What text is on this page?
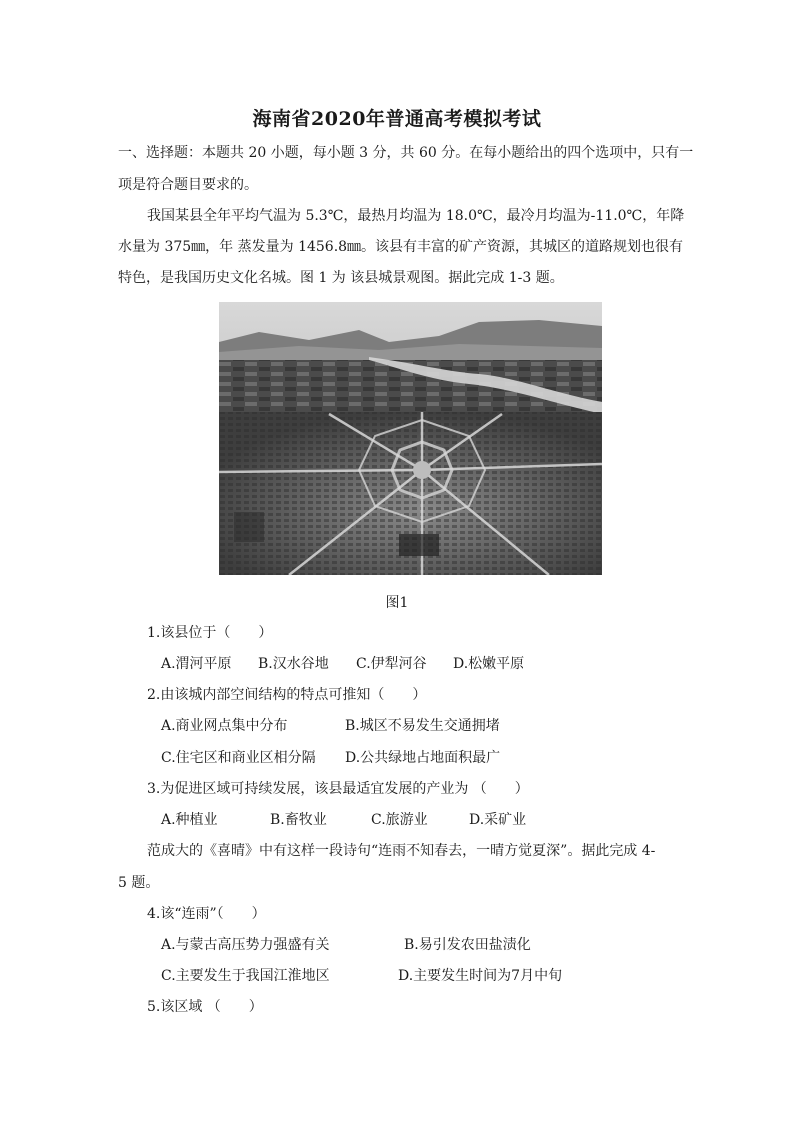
海南省2020年普通高考模拟考试
一、选择题：本题共 20 小题，每小题 3 分，共 60 分。在每小题给出的四个选项中，只有一
项是符合题目要求的。
我国某县全年平均气温为 5.3℃，最热月均温为 18.0℃，最冷月均温为-11.0℃，年降
水量为 375㎜，年 蒸发量为 1456.8㎜。该县有丰富的矿产资源，其城区的道路规划也很有
特色，是我国历史文化名城。图 1 为 该县城景观图。据此完成 1-3 题。
图1
1.该县位于（　　）
A.渭河平原 B.汉水谷地 C.伊犁河谷 D.松嫩平原
2.由该城内部空间结构的特点可推知（　　）
A.商业网点集中分布	B.城区不易发生交通拥堵
C.住宅区和商业区相分隔 D.公共绿地占地面积最广
3.为促进区域可持续发展，该县最适宜发展的产业为 （　　）
A.种植业	B.畜牧业	C.旅游业	D.采矿业
范成大的《喜晴》中有这样一段诗句“连雨不知春去，一晴方觉夏深”。据此完成 4-
5 题。
4.该“连雨”（　　）
A.与蒙古高压势力强盛有关	B.易引发农田盐渍化
C.主要发生于我国江淮地区	D.主要发生时间为7月中旬
5.该区域 （　　）
